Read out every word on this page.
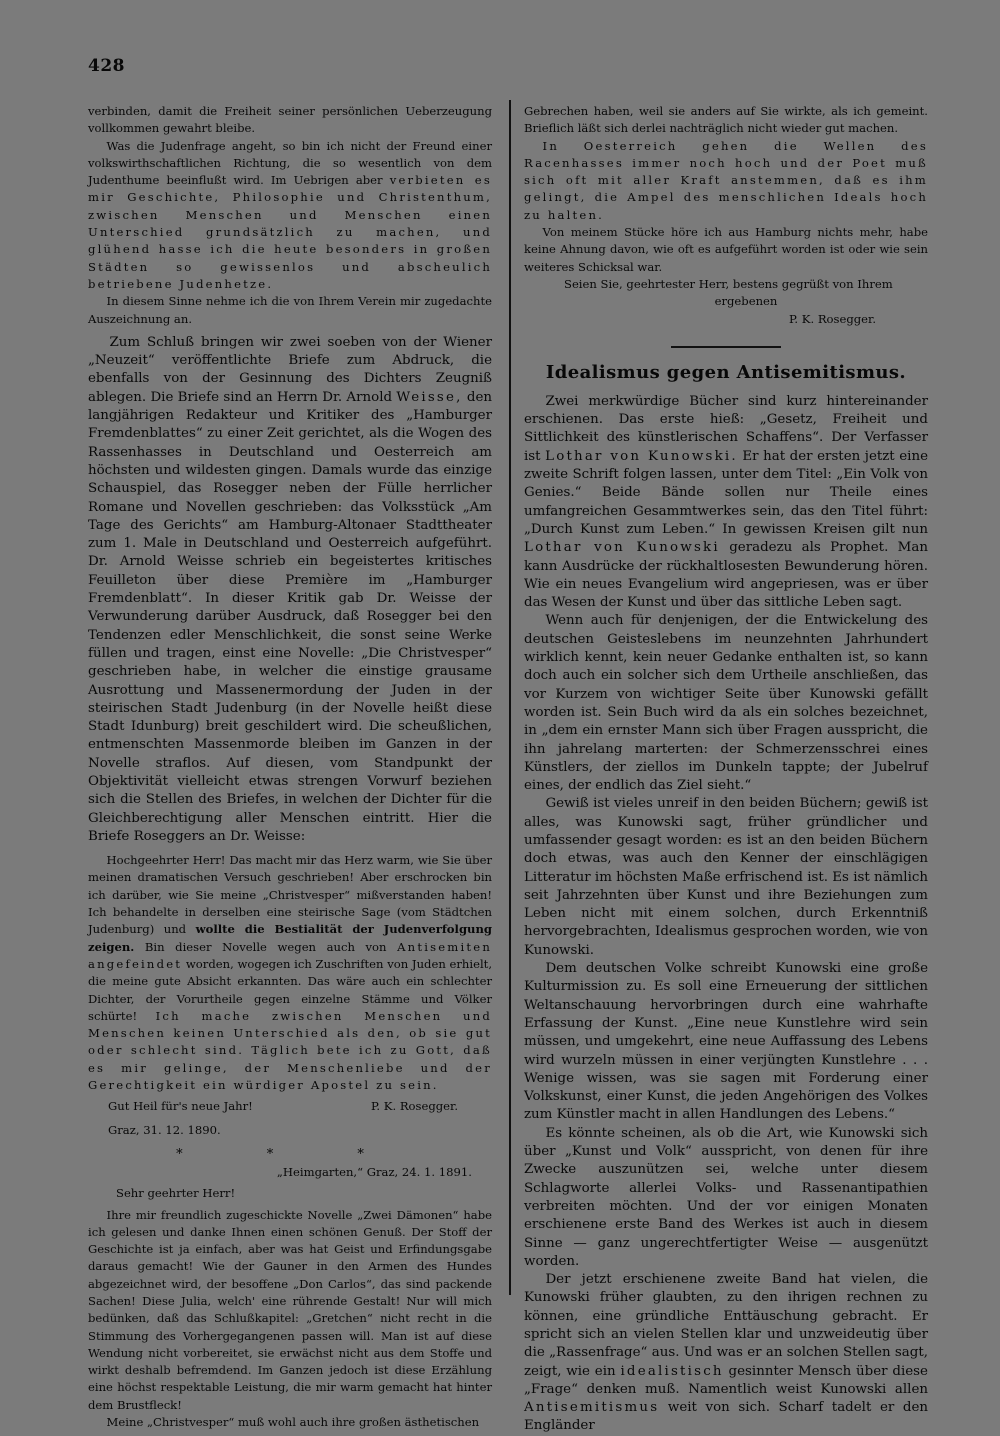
428

verbinden, damit die Freiheit seiner persönlichen Ueberzeugung vollkommen gewahrt bleibe.

Was die Judenfrage angeht, so bin ich nicht der Freund einer volkswirthschaftlichen Richtung, die so wesentlich von dem Judenthume beeinflußt wird. Im Uebrigen aber verbieten es mir Geschichte, Philosophie und Christenthum, zwischen Menschen und Menschen einen Unterschied grundsätzlich zu machen, und glühend hasse ich die heute besonders in großen Städten so gewissenlos und abscheulich betriebene Judenhetze.

In diesem Sinne nehme ich die von Ihrem Verein mir zugedachte Auszeichnung an.

Zum Schluß bringen wir zwei soeben von der Wiener „Neuzeit“ veröffentlichte Briefe zum Abdruck, die ebenfalls von der Gesinnung des Dichters Zeugniß ablegen. Die Briefe sind an Herrn Dr. Arnold Weisse, den langjährigen Redakteur und Kritiker des „Hamburger Fremdenblattes“ zu einer Zeit gerichtet, als die Wogen des Rassenhasses in Deutschland und Oesterreich am höchsten und wildesten gingen. Damals wurde das einzige Schauspiel, das Rosegger neben der Fülle herrlicher Romane und Novellen geschrieben: das Volksstück „Am Tage des Gerichts“ am Hamburg-Altonaer Stadttheater zum 1. Male in Deutschland und Oesterreich aufgeführt. Dr. Arnold Weisse schrieb ein begeistertes kritisches Feuilleton über diese Première im „Hamburger Fremdenblatt“. In dieser Kritik gab Dr. Weisse der Verwunderung darüber Ausdruck, daß Rosegger bei den Tendenzen edler Menschlichkeit, die sonst seine Werke füllen und tragen, einst eine Novelle: „Die Christvesper“ geschrieben habe, in welcher die einstige grausame Ausrottung und Massenermordung der Juden in der steirischen Stadt Judenburg (in der Novelle heißt diese Stadt Idunburg) breit geschildert wird. Die scheußlichen, entmenschten Massenmorde bleiben im Ganzen in der Novelle straflos. Auf diesen, vom Standpunkt der Objektivität vielleicht etwas strengen Vorwurf beziehen sich die Stellen des Briefes, in welchen der Dichter für die Gleichberechtigung aller Menschen eintritt. Hier die Briefe Roseggers an Dr. Weisse:

Hochgeehrter Herr! Das macht mir das Herz warm, wie Sie über meinen dramatischen Versuch geschrieben! Aber erschrocken bin ich darüber, wie Sie meine „Christvesper“ mißverstanden haben! Ich behandelte in derselben eine steirische Sage (vom Städtchen Judenburg) und wollte die Bestialität der Judenverfolgung zeigen. Bin dieser Novelle wegen auch von Antisemiten angefeindet worden, wogegen ich Zuschriften von Juden erhielt, die meine gute Absicht erkannten. Das wäre auch ein schlechter Dichter, der Vorurtheile gegen einzelne Stämme und Völker schürte! Ich mache zwischen Menschen und Menschen keinen Unterschied als den, ob sie gut oder schlecht sind. Täglich bete ich zu Gott, daß es mir gelinge, der Menschenliebe und der Gerechtigkeit ein würdiger Apostel zu sein.

Gut Heil für's neue Jahr!	P. K. Rosegger.

Graz, 31. 12. 1890.

* * *

„Heimgarten,“ Graz, 24. 1. 1891.

Sehr geehrter Herr!

Ihre mir freundlich zugeschickte Novelle „Zwei Dämonen“ habe ich gelesen und danke Ihnen einen schönen Genuß. Der Stoff der Geschichte ist ja einfach, aber was hat Geist und Erfindungsgabe daraus gemacht! Wie der Gauner in den Armen des Hundes abgezeichnet wird, der besoffene „Don Carlos“, das sind packende Sachen! Diese Julia, welch' eine rührende Gestalt! Nur will mich bedünken, daß das Schlußkapitel: „Gretchen“ nicht recht in die Stimmung des Vorhergegangenen passen will. Man ist auf diese Wendung nicht vorbereitet, sie erwächst nicht aus dem Stoffe und wirkt deshalb befremdend. Im Ganzen jedoch ist diese Erzählung eine höchst respektable Leistung, die mir warm gemacht hat hinter dem Brustfleck!

Meine „Christvesper“ muß wohl auch ihre großen ästhetischen

Gebrechen haben, weil sie anders auf Sie wirkte, als ich gemeint. Brieflich läßt sich derlei nachträglich nicht wieder gut machen.

In Oesterreich gehen die Wellen des Racenhasses immer noch hoch und der Poet muß sich oft mit aller Kraft anstemmen, daß es ihm gelingt, die Ampel des menschlichen Ideals hoch zu halten.

Von meinem Stücke höre ich aus Hamburg nichts mehr, habe keine Ahnung davon, wie oft es aufgeführt worden ist oder wie sein weiteres Schicksal war.

Seien Sie, geehrtester Herr, bestens gegrüßt von Ihrem

ergebenen

P. K. Rosegger.

Idealismus gegen Antisemitismus.

Zwei merkwürdige Bücher sind kurz hintereinander erschienen. Das erste hieß: „Gesetz, Freiheit und Sittlichkeit des künstlerischen Schaffens“. Der Verfasser ist Lothar von Kunowski. Er hat der ersten jetzt eine zweite Schrift folgen lassen, unter dem Titel: „Ein Volk von Genies.“ Beide Bände sollen nur Theile eines umfangreichen Gesammtwerkes sein, das den Titel führt: „Durch Kunst zum Leben.“ In gewissen Kreisen gilt nun Lothar von Kunowski geradezu als Prophet. Man kann Ausdrücke der rückhaltlosesten Bewunderung hören. Wie ein neues Evangelium wird angepriesen, was er über das Wesen der Kunst und über das sittliche Leben sagt.

Wenn auch für denjenigen, der die Entwickelung des deutschen Geisteslebens im neunzehnten Jahrhundert wirklich kennt, kein neuer Gedanke enthalten ist, so kann doch auch ein solcher sich dem Urtheile anschließen, das vor Kurzem von wichtiger Seite über Kunowski gefällt worden ist. Sein Buch wird da als ein solches bezeichnet, in „dem ein ernster Mann sich über Fragen ausspricht, die ihn jahrelang marterten: der Schmerzensschrei eines Künstlers, der ziellos im Dunkeln tappte; der Jubelruf eines, der endlich das Ziel sieht.“

Gewiß ist vieles unreif in den beiden Büchern; gewiß ist alles, was Kunowski sagt, früher gründlicher und umfassender gesagt worden: es ist an den beiden Büchern doch etwas, was auch den Kenner der einschlägigen Litteratur im höchsten Maße erfrischend ist. Es ist nämlich seit Jahrzehnten über Kunst und ihre Beziehungen zum Leben nicht mit einem solchen, durch Erkenntniß hervorgebrachten, Idealismus gesprochen worden, wie von Kunowski.

Dem deutschen Volke schreibt Kunowski eine große Kulturmission zu. Es soll eine Erneuerung der sittlichen Weltanschauung hervorbringen durch eine wahrhafte Erfassung der Kunst. „Eine neue Kunstlehre wird sein müssen, und umgekehrt, eine neue Auffassung des Lebens wird wurzeln müssen in einer verjüngten Kunstlehre . . . Wenige wissen, was sie sagen mit Forderung einer Volkskunst, einer Kunst, die jeden Angehörigen des Volkes zum Künstler macht in allen Handlungen des Lebens.“

Es könnte scheinen, als ob die Art, wie Kunowski sich über „Kunst und Volk“ ausspricht, von denen für ihre Zwecke auszunützen sei, welche unter diesem Schlagworte allerlei Volks- und Rassenantipathien verbreiten möchten. Und der vor einigen Monaten erschienene erste Band des Werkes ist auch in diesem Sinne — ganz ungerechtfertigter Weise — ausgenützt worden.

Der jetzt erschienene zweite Band hat vielen, die Kunowski früher glaubten, zu den ihrigen rechnen zu können, eine gründliche Enttäuschung gebracht. Er spricht sich an vielen Stellen klar und unzweideutig über die „Rassenfrage“ aus. Und was er an solchen Stellen sagt, zeigt, wie ein idealistisch gesinnter Mensch über diese „Frage“ denken muß. Namentlich weist Kunowski allen Antisemitismus weit von sich. Scharf tadelt er den Engländer
